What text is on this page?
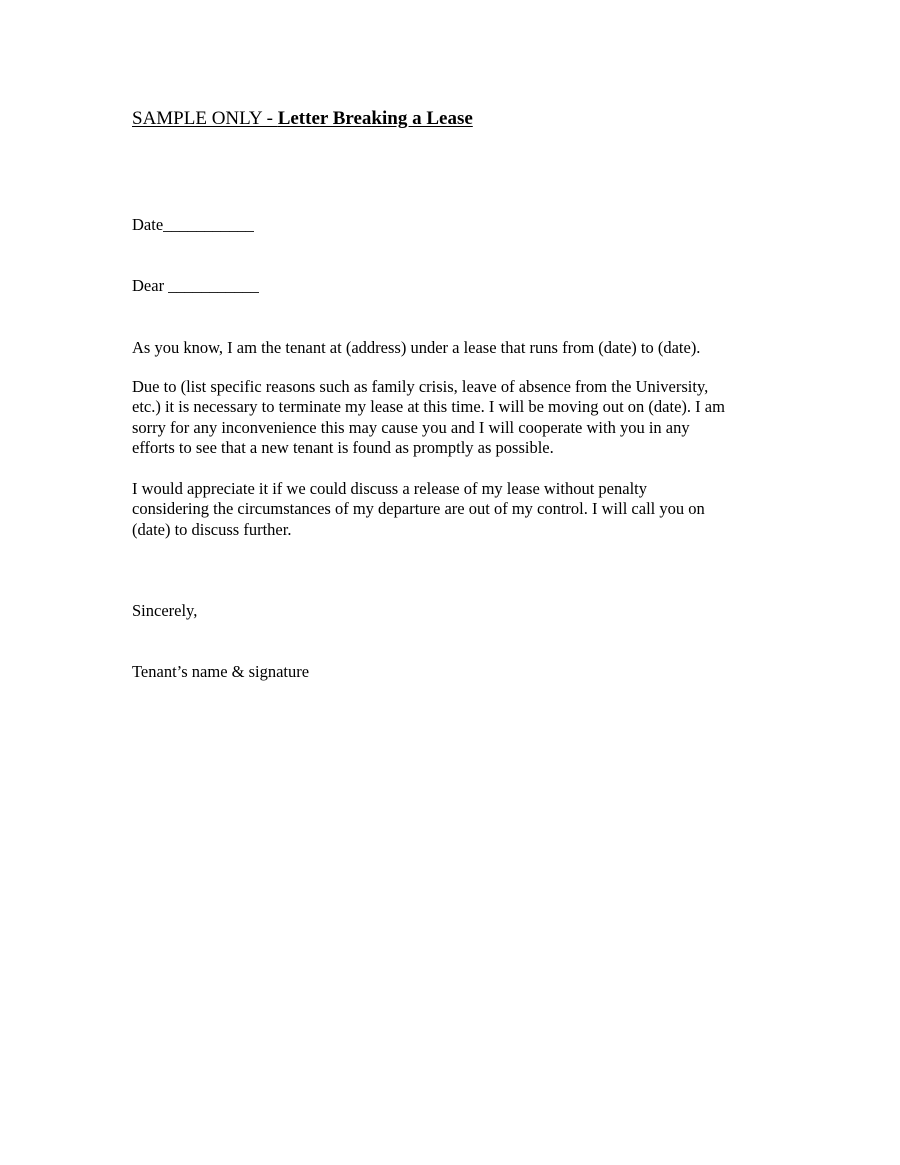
SAMPLE ONLY - Letter Breaking a Lease
Date___________
Dear ___________
As you know, I am the tenant at (address) under a lease that runs from (date) to (date).
Due to (list specific reasons such as family crisis, leave of absence from the University,
etc.) it is necessary to terminate my lease at this time. I will be moving out on (date). I am
sorry for any inconvenience this may cause you and I will cooperate with you in any
efforts to see that a new tenant is found as promptly as possible.
I would appreciate it if we could discuss a release of my lease without penalty
considering the circumstances of my departure are out of my control. I will call you on
(date) to discuss further.
Sincerely,
Tenant’s name & signature
